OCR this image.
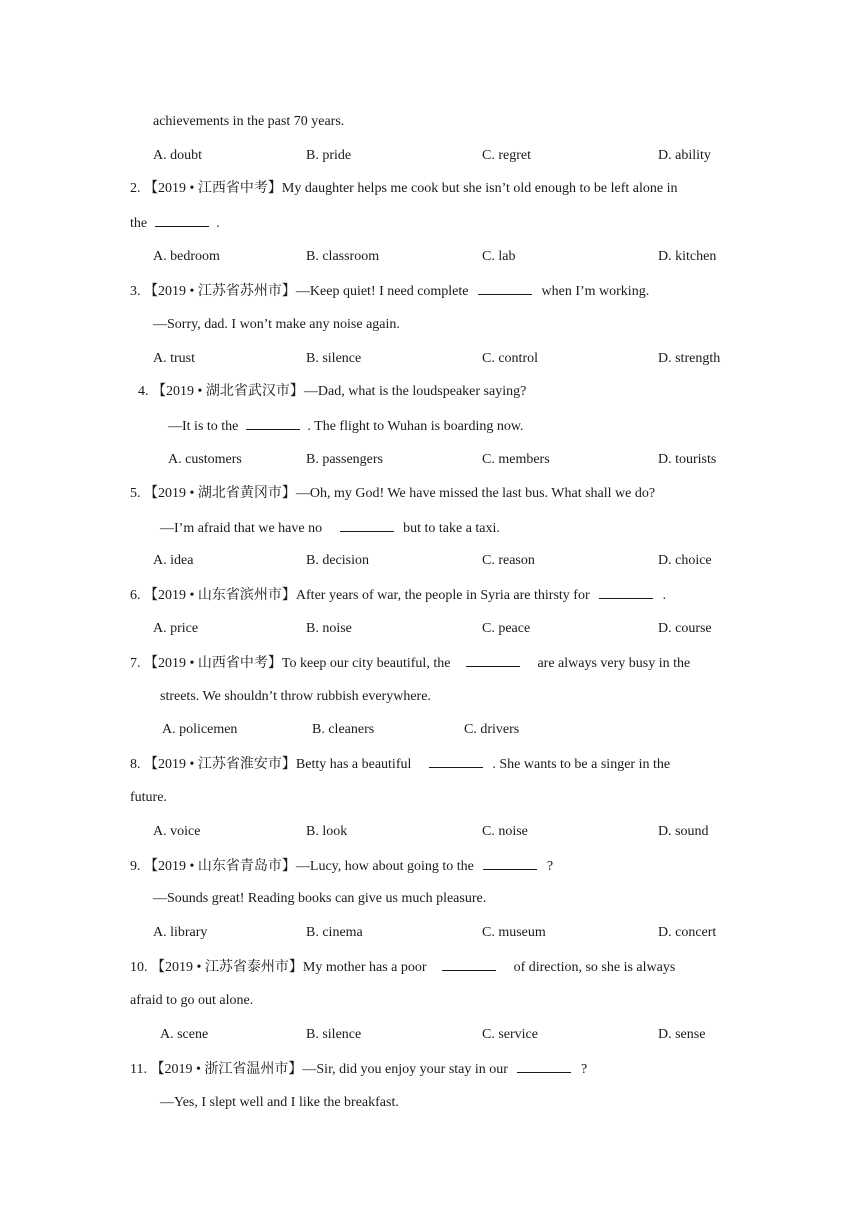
achievements in the past 70 years.
A. doubt	B. pride	C. regret	D. ability
2. 【2019 • 江西省中考】My daughter helps me cook but she isn’t old enough to be left alone in
the	.
A. bedroom	B. classroom	C. lab	D. kitchen
3. 【2019 • 江苏省苏州市】—Keep quiet! I need complete	when I’m working.
—Sorry, dad. I won’t make any noise again.
A. trust	B. silence	C. control	D. strength
4. 【2019 • 湖北省武汉市】—Dad, what is the loudspeaker saying?
—It is to the	. The flight to Wuhan is boarding now.
A. customers	B. passengers	C. members	D. tourists
5. 【2019 • 湖北省黄冈市】—Oh, my God! We have missed the last bus. What shall we do?
—I’m afraid that we have no	but to take a taxi.
A. idea	B. decision	C. reason	D. choice
6. 【2019 • 山东省滨州市】After years of war, the people in Syria are thirsty for	.
A. price	B. noise	C. peace	D. course
7. 【2019 • 山西省中考】To keep our city beautiful, the	are always very busy in the
streets. We shouldn’t throw rubbish everywhere.
A. policemen	B. cleaners	C. drivers
8. 【2019 • 江苏省淮安市】Betty has a beautiful	. She wants to be a singer in the
future.
A. voice	B. look	C. noise	D. sound
9. 【2019 • 山东省青岛市】—Lucy, how about going to the	?
—Sounds great! Reading books can give us much pleasure.
A. library	B. cinema	C. museum	D. concert
10. 【2019 • 江苏省泰州市】My mother has a poor	of direction, so she is always
afraid to go out alone.
A. scene	B. silence	C. service	D. sense
11. 【2019 • 浙江省温州市】—Sir, did you enjoy your stay in our	?
—Yes, I slept well and I like the breakfast.
